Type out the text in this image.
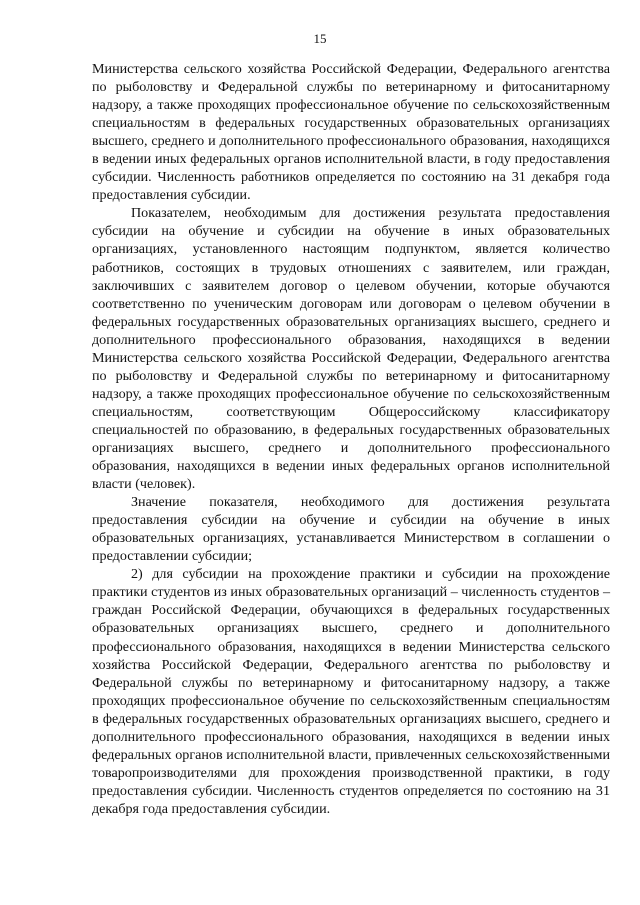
15

Министерства сельского хозяйства Российской Федерации, Федерального агентства по рыболовству и Федеральной службы по ветеринарному и фитосанитарному надзору, а также проходящих профессиональное обучение по сельскохозяйственным специальностям в федеральных государственных образовательных организациях высшего, среднего и дополнительного профессионального образования, находящихся в ведении иных федеральных органов исполнительной власти, в году предоставления субсидии. Численность работников определяется по состоянию на 31 декабря года предоставления субсидии.

Показателем, необходимым для достижения результата предоставления субсидии на обучение и субсидии на обучение в иных образовательных организациях, установленного настоящим подпунктом, является количество работников, состоящих в трудовых отношениях с заявителем, или граждан, заключивших с заявителем договор о целевом обучении, которые обучаются соответственно по ученическим договорам или договорам о целевом обучении в федеральных государственных образовательных организациях высшего, среднего и дополнительного профессионального образования, находящихся в ведении Министерства сельского хозяйства Российской Федерации, Федерального агентства по рыболовству и Федеральной службы по ветеринарному и фитосанитарному надзору, а также проходящих профессиональное обучение по сельскохозяйственным специальностям, соответствующим Общероссийскому классификатору специальностей по образованию, в федеральных государственных образовательных организациях высшего, среднего и дополнительного профессионального образования, находящихся в ведении иных федеральных органов исполнительной власти (человек).

Значение показателя, необходимого для достижения результата предоставления субсидии на обучение и субсидии на обучение в иных образовательных организациях, устанавливается Министерством в соглашении о предоставлении субсидии;

2) для субсидии на прохождение практики и субсидии на прохождение практики студентов из иных образовательных организаций – численность студентов – граждан Российской Федерации, обучающихся в федеральных государственных образовательных организациях высшего, среднего и дополнительного профессионального образования, находящихся в ведении Министерства сельского хозяйства Российской Федерации, Федерального агентства по рыболовству и Федеральной службы по ветеринарному и фитосанитарному надзору, а также проходящих профессиональное обучение по сельскохозяйственным специальностям в федеральных государственных образовательных организациях высшего, среднего и дополнительного профессионального образования, находящихся в ведении иных федеральных органов исполнительной власти, привлеченных сельскохозяйственными товаропроизводителями для прохождения производственной практики, в году предоставления субсидии. Численность студентов определяется по состоянию на 31 декабря года предоставления субсидии.
